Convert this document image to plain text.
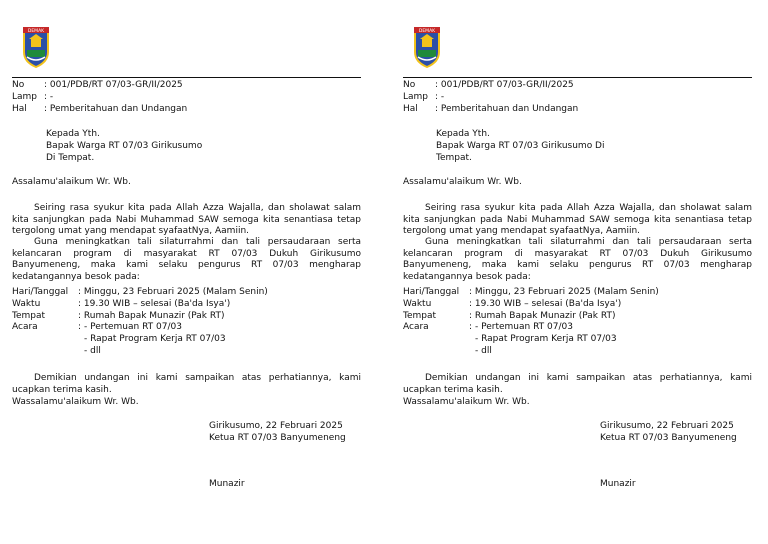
DEMAK
No : 001/PDB/RT 07/03-GR/II/2025
Lamp : -
Hal : Pemberitahuan dan Undangan
Kepada Yth.
Bapak Warga RT 07/03 Girikusumo
Di Tempat.
Assalamu'alaikum Wr. Wb.
Seiring rasa syukur kita pada Allah Azza Wajalla, dan sholawat salam kita sanjungkan pada Nabi Muhammad SAW semoga kita senantiasa tetap tergolong umat yang mendapat syafaatNya, Aamiin.
Guna meningkatkan tali silaturrahmi dan tali persaudaraan serta kelancaran program di masyarakat RT 07/03 Dukuh Girikusumo Banyumeneng, maka kami selaku pengurus RT 07/03 mengharap kedatangannya besok pada:
Hari/Tanggal : Minggu, 23 Februari 2025 (Malam Senin)
Waktu	: 19.30 WIB – selesai (Ba'da Isya')
Tempat	: Rumah Bapak Munazir (Pak RT)
Acara	: - Pertemuan RT 07/03
- Rapat Program Kerja RT 07/03
- dll
Demikian undangan ini kami sampaikan atas perhatiannya, kami ucapkan terima kasih.
Wassalamu'alaikum Wr. Wb.
Girikusumo, 22 Februari 2025
Ketua RT 07/03 Banyumeneng
Munazir
DEMAK
No : 001/PDB/RT 07/03-GR/II/2025
Lamp : -
Hal : Pemberitahuan dan Undangan
Kepada Yth.
Bapak Warga RT 07/03 Girikusumo Di
Tempat.
Assalamu'alaikum Wr. Wb.
Seiring rasa syukur kita pada Allah Azza Wajalla, dan sholawat salam kita sanjungkan pada Nabi Muhammad SAW semoga kita senantiasa tetap tergolong umat yang mendapat syafaatNya, Aamiin.
Guna meningkatkan tali silaturrahmi dan tali persaudaraan serta kelancaran program di masyarakat RT 07/03 Dukuh Girikusumo Banyumeneng, maka kami selaku pengurus RT 07/03 mengharap kedatangannya besok pada:
Hari/Tanggal : Minggu, 23 Februari 2025 (Malam Senin)
Waktu	: 19.30 WIB – selesai (Ba'da Isya')
Tempat	: Rumah Bapak Munazir (Pak RT)
Acara	: - Pertemuan RT 07/03
- Rapat Program Kerja RT 07/03
- dll
Demikian undangan ini kami sampaikan atas perhatiannya, kami ucapkan terima kasih.
Wassalamu'alaikum Wr. Wb.
Girikusumo, 22 Februari 2025
Ketua RT 07/03 Banyumeneng
Munazir
